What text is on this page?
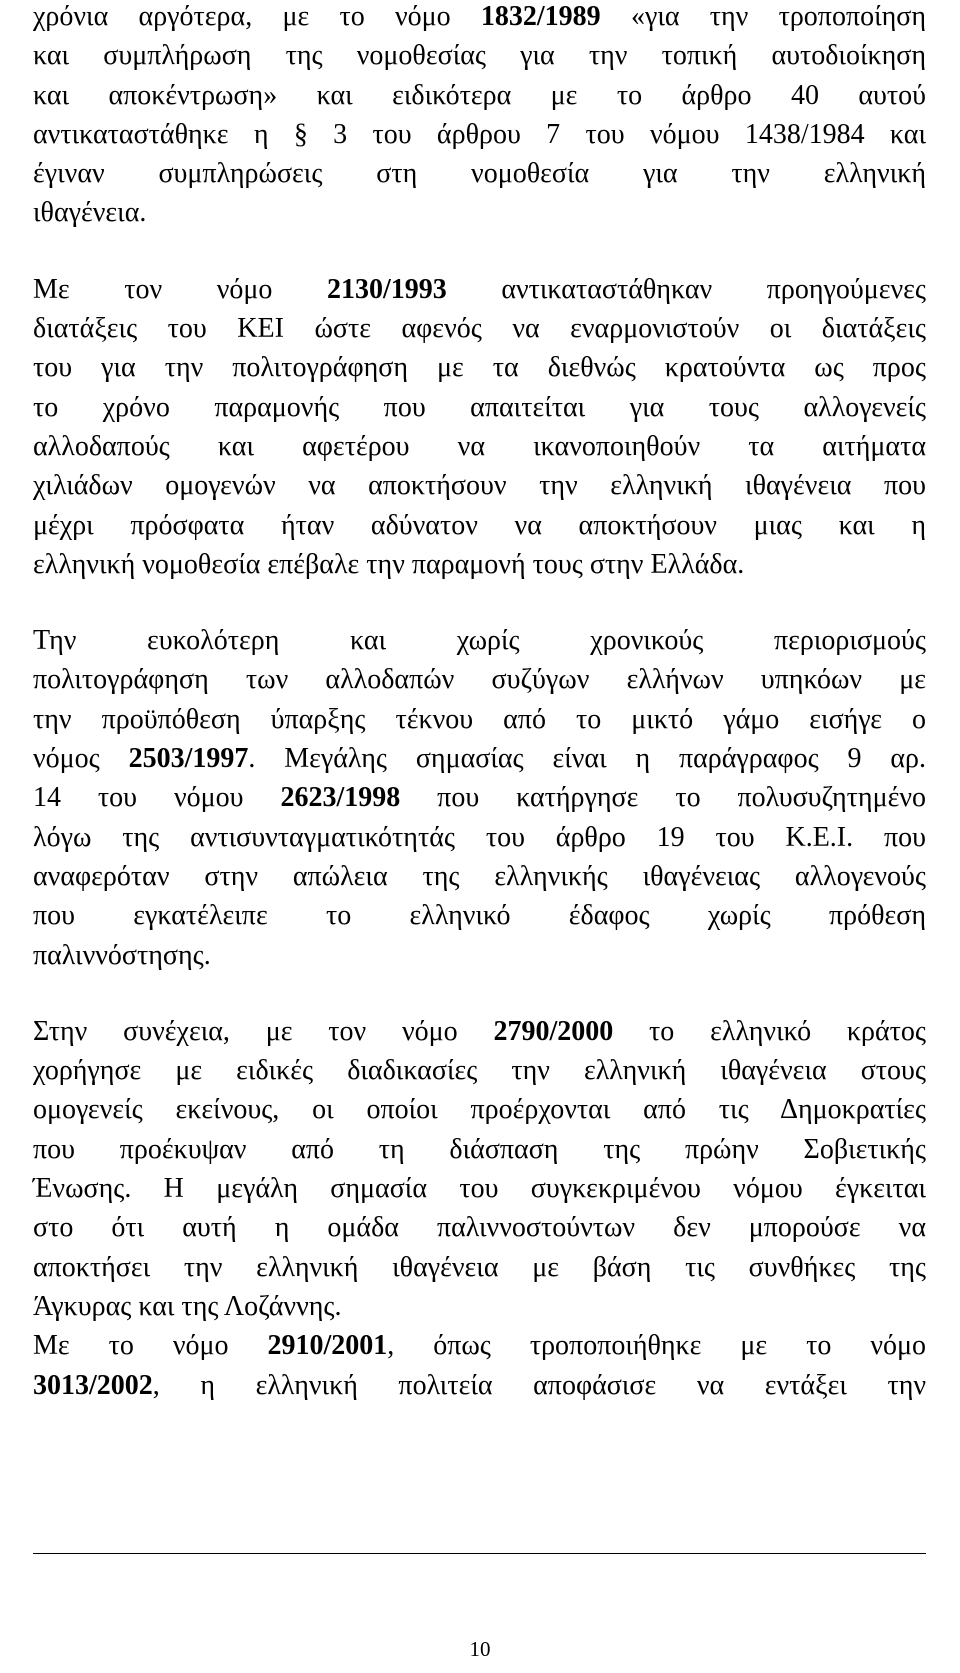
χρόνια αργότερα, με το νόμο 1832/1989 «για την τροποποίηση
και συμπλήρωση της νομοθεσίας για την τοπική αυτοδιοίκηση
και αποκέντρωση» και ειδικότερα με το άρθρο 40 αυτού
αντικαταστάθηκε η § 3 του άρθρου 7 του νόμου 1438/1984 και
έγιναν συμπληρώσεις στη νομοθεσία για την ελληνική
ιθαγένεια.
Με τον νόμο 2130/1993 αντικαταστάθηκαν προηγούμενες
διατάξεις του ΚΕΙ ώστε αφενός να εναρμονιστούν οι διατάξεις
του για την πολιτογράφηση με τα διεθνώς κρατούντα ως προς
το χρόνο παραμονής που απαιτείται για τους αλλογενείς
αλλοδαπούς και αφετέρου να ικανοποιηθούν τα αιτήματα
χιλιάδων ομογενών να αποκτήσουν την ελληνική ιθαγένεια που
μέχρι πρόσφατα ήταν αδύνατον να αποκτήσουν μιας και η
ελληνική νομοθεσία επέβαλε την παραμονή τους στην Ελλάδα.
Την ευκολότερη και χωρίς χρονικούς περιορισμούς
πολιτογράφηση των αλλοδαπών συζύγων ελλήνων υπηκόων με
την προϋπόθεση ύπαρξης τέκνου από το μικτό γάμο εισήγε ο
νόμος 2503/1997. Μεγάλης σημασίας είναι η παράγραφος 9 αρ.
14 του νόμου 2623/1998 που κατήργησε το πολυσυζητημένο
λόγω της αντισυνταγματικότητάς του άρθρο 19 του Κ.Ε.Ι. που
αναφερόταν στην απώλεια της ελληνικής ιθαγένειας αλλογενούς
που εγκατέλειπε το ελληνικό έδαφος χωρίς πρόθεση
παλιννόστησης.
Στην συνέχεια, με τον νόμο 2790/2000 το ελληνικό κράτος
χορήγησε με ειδικές διαδικασίες την ελληνική ιθαγένεια στους
ομογενείς εκείνους, οι οποίοι προέρχονται από τις Δημοκρατίες
που προέκυψαν από τη διάσπαση της πρώην Σοβιετικής
Ένωσης. Η μεγάλη σημασία του συγκεκριμένου νόμου έγκειται
στο ότι αυτή η ομάδα παλιννοστούντων δεν μπορούσε να
αποκτήσει την ελληνική ιθαγένεια με βάση τις συνθήκες της
Άγκυρας και της Λοζάννης.
Με το νόμο 2910/2001, όπως τροποποιήθηκε με το νόμο
3013/2002, η ελληνική πολιτεία αποφάσισε να εντάξει την
10
